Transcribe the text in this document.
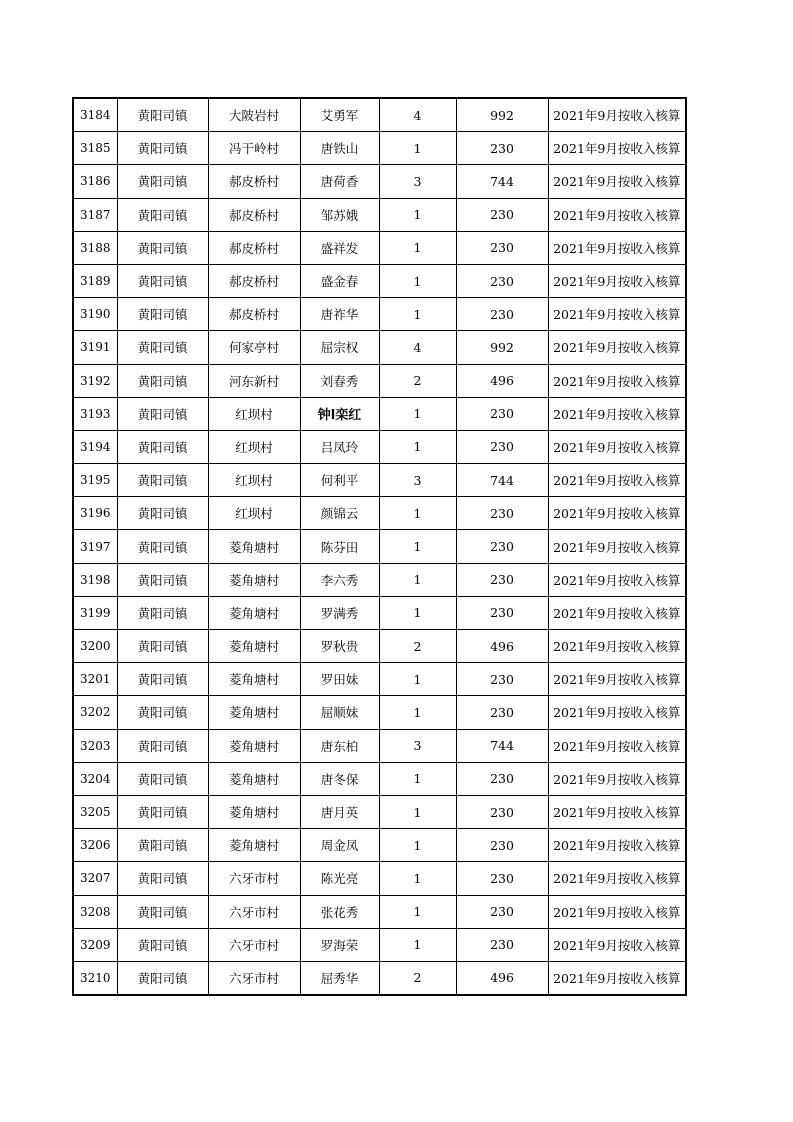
3184	黄阳司镇	大陂岩村	艾勇军	4	992	2021年9月按收入核算
3185	黄阳司镇	冯干岭村	唐铁山	1	230	2021年9月按收入核算
3186	黄阳司镇	郝皮桥村	唐荷香	3	744	2021年9月按收入核算
3187	黄阳司镇	郝皮桥村	邹苏娥	1	230	2021年9月按收入核算
3188	黄阳司镇	郝皮桥村	盛祥发	1	230	2021年9月按收入核算
3189	黄阳司镇	郝皮桥村	盛金春	1	230	2021年9月按收入核算
3190	黄阳司镇	郝皮桥村	唐祚华	1	230	2021年9月按收入核算
3191	黄阳司镇	何家亭村	屈宗权	4	992	2021年9月按收入核算
3192	黄阳司镇	河东新村	刘春秀	2	496	2021年9月按收入核算
3193	黄阳司镇	红坝村	钟l栾红	1	230	2021年9月按收入核算
3194	黄阳司镇	红坝村	吕凤玲	1	230	2021年9月按收入核算
3195	黄阳司镇	红坝村	何利平	3	744	2021年9月按收入核算
3196	黄阳司镇	红坝村	颜锦云	1	230	2021年9月按收入核算
3197	黄阳司镇	菱角塘村	陈芬田	1	230	2021年9月按收入核算
3198	黄阳司镇	菱角塘村	李六秀	1	230	2021年9月按收入核算
3199	黄阳司镇	菱角塘村	罗满秀	1	230	2021年9月按收入核算
3200	黄阳司镇	菱角塘村	罗秋贵	2	496	2021年9月按收入核算
3201	黄阳司镇	菱角塘村	罗田妹	1	230	2021年9月按收入核算
3202	黄阳司镇	菱角塘村	屈顺妹	1	230	2021年9月按收入核算
3203	黄阳司镇	菱角塘村	唐东柏	3	744	2021年9月按收入核算
3204	黄阳司镇	菱角塘村	唐冬保	1	230	2021年9月按收入核算
3205	黄阳司镇	菱角塘村	唐月英	1	230	2021年9月按收入核算
3206	黄阳司镇	菱角塘村	周金凤	1	230	2021年9月按收入核算
3207	黄阳司镇	六牙市村	陈光亮	1	230	2021年9月按收入核算
3208	黄阳司镇	六牙市村	张花秀	1	230	2021年9月按收入核算
3209	黄阳司镇	六牙市村	罗海荣	1	230	2021年9月按收入核算
3210	黄阳司镇	六牙市村	屈秀华	2	496	2021年9月按收入核算
